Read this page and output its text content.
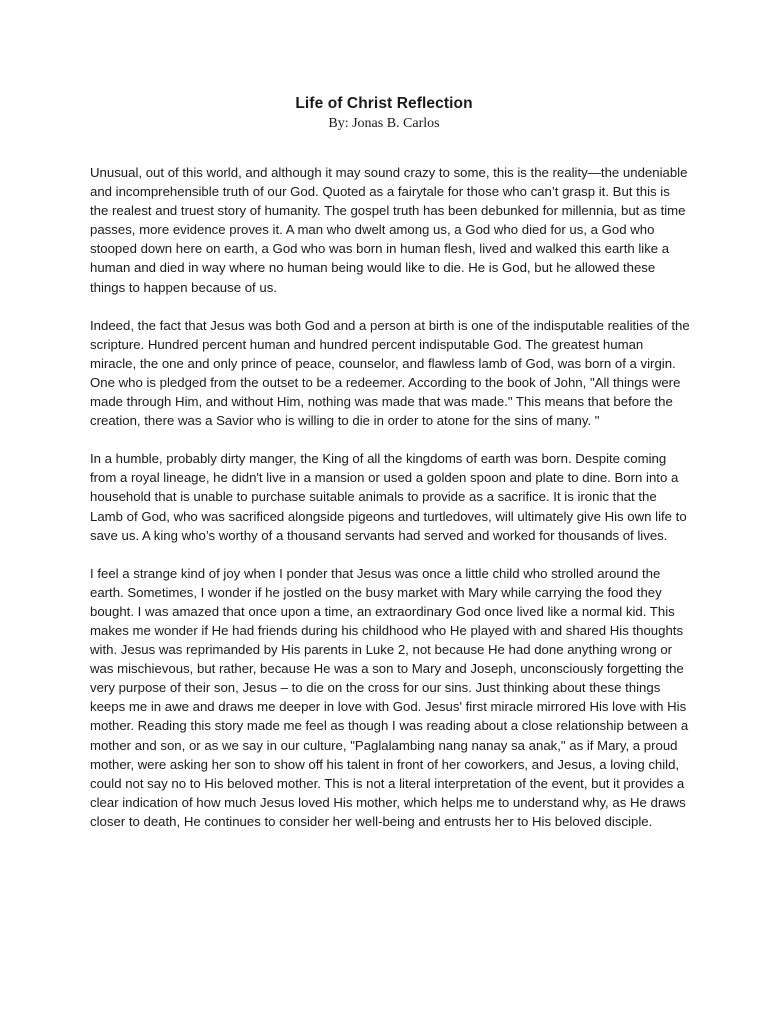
Life of Christ Reflection
By: Jonas B. Carlos

Unusual, out of this world, and although it may sound crazy to some, this is the reality—the undeniable and incomprehensible truth of our God. Quoted as a fairytale for those who can’t grasp it. But this is the realest and truest story of humanity. The gospel truth has been debunked for millennia, but as time passes, more evidence proves it. A man who dwelt among us, a God who died for us, a God who stooped down here on earth, a God who was born in human flesh, lived and walked this earth like a human and died in way where no human being would like to die. He is God, but he allowed these things to happen because of us.

Indeed, the fact that Jesus was both God and a person at birth is one of the indisputable realities of the scripture. Hundred percent human and hundred percent indisputable God. The greatest human miracle, the one and only prince of peace, counselor, and flawless lamb of God, was born of a virgin. One who is pledged from the outset to be a redeemer. According to the book of John, "All things were made through Him, and without Him, nothing was made that was made." This means that before the creation, there was a Savior who is willing to die in order to atone for the sins of many. "

In a humble, probably dirty manger, the King of all the kingdoms of earth was born. Despite coming from a royal lineage, he didn't live in a mansion or used a golden spoon and plate to dine. Born into a household that is unable to purchase suitable animals to provide as a sacrifice. It is ironic that the Lamb of God, who was sacrificed alongside pigeons and turtledoves, will ultimately give His own life to save us. A king who’s worthy of a thousand servants had served and worked for thousands of lives.

I feel a strange kind of joy when I ponder that Jesus was once a little child who strolled around the earth. Sometimes, I wonder if he jostled on the busy market with Mary while carrying the food they bought. I was amazed that once upon a time, an extraordinary God once lived like a normal kid. This makes me wonder if He had friends during his childhood who He played with and shared His thoughts with. Jesus was reprimanded by His parents in Luke 2, not because He had done anything wrong or was mischievous, but rather, because He was a son to Mary and Joseph, unconsciously forgetting the very purpose of their son, Jesus – to die on the cross for our sins. Just thinking about these things keeps me in awe and draws me deeper in love with God. Jesus' first miracle mirrored His love with His mother. Reading this story made me feel as though I was reading about a close relationship between a mother and son, or as we say in our culture, "Paglalambing nang nanay sa anak," as if Mary, a proud mother, were asking her son to show off his talent in front of her coworkers, and Jesus, a loving child, could not say no to His beloved mother. This is not a literal interpretation of the event, but it provides a clear indication of how much Jesus loved His mother, which helps me to understand why, as He draws closer to death, He continues to consider her well-being and entrusts her to His beloved disciple.
